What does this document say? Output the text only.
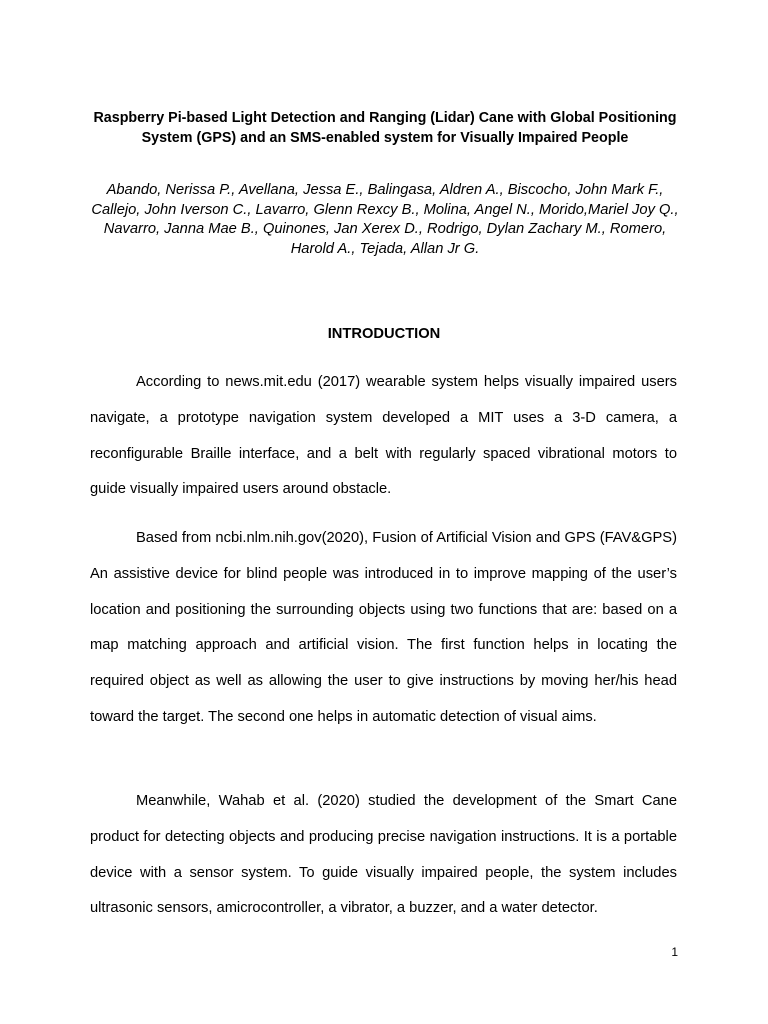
Raspberry Pi-based Light Detection and Ranging (Lidar) Cane with Global Positioning System (GPS) and an SMS-enabled system for Visually Impaired People
Abando, Nerissa P., Avellana, Jessa E., Balingasa, Aldren A., Biscocho, John Mark F., Callejo, John Iverson C., Lavarro, Glenn Rexcy B., Molina, Angel N., Morido,Mariel Joy Q., Navarro, Janna Mae B., Quinones, Jan Xerex D., Rodrigo, Dylan Zachary M., Romero, Harold A., Tejada, Allan Jr G.
INTRODUCTION

According to news.mit.edu (2017) wearable system helps visually impaired users navigate, a prototype navigation system developed a MIT uses a 3-D camera, a reconfigurable Braille interface, and a belt with regularly spaced vibrational motors to guide visually impaired users around obstacle.

Based from ncbi.nlm.nih.gov(2020), Fusion of Artificial Vision and GPS (FAV&GPS) An assistive device for blind people was introduced in to improve mapping of the user’s location and positioning the surrounding objects using two functions that are: based on a map matching approach and artificial vision. The first function helps in locating the required object as well as allowing the user to give instructions by moving her/his head toward the target. The second one helps in automatic detection of visual aims.

Meanwhile, Wahab et al. (2020) studied the development of the Smart Cane product for detecting objects and producing precise navigation instructions. It is a portable device with a sensor system. To guide visually impaired people, the system includes ultrasonic sensors, amicrocontroller, a vibrator, a buzzer, and a water detector.

1
